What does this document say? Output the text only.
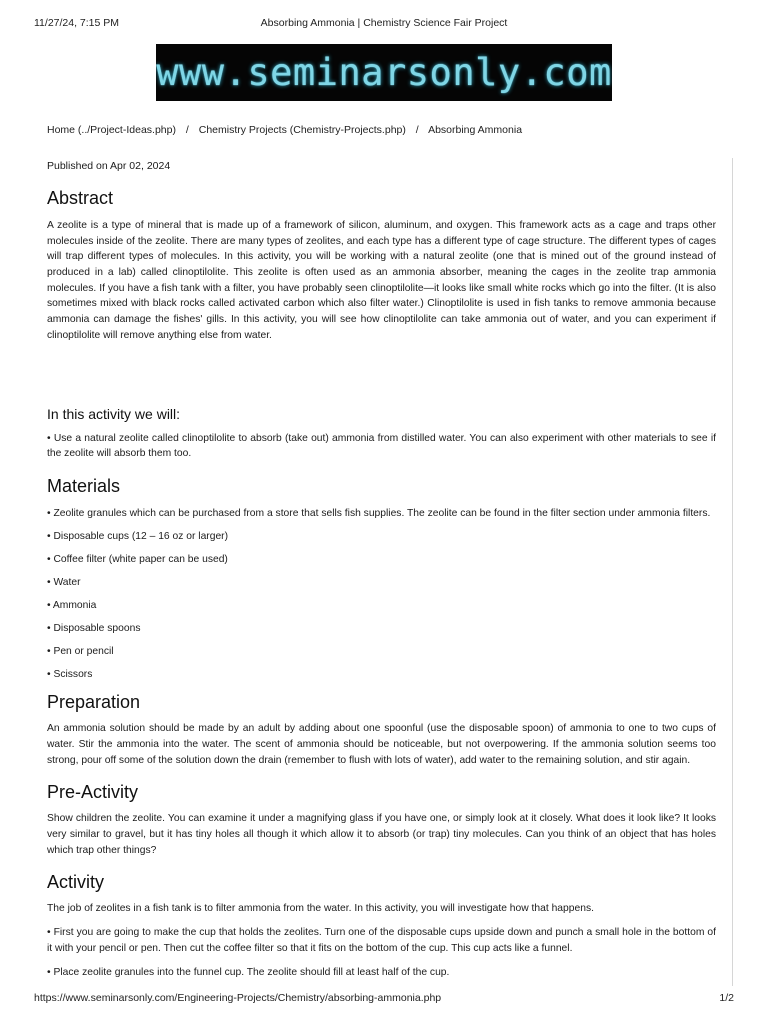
11/27/24, 7:15 PM	Absorbing Ammonia | Chemistry Science Fair Project
www.seminarsonly.com
Home (../Project-Ideas.php) / Chemistry Projects (Chemistry-Projects.php) / Absorbing Ammonia
Published on Apr 02, 2024
Abstract

A zeolite is a type of mineral that is made up of a framework of silicon, aluminum, and oxygen. This framework acts as a cage and traps other molecules inside of the zeolite. There are many types of zeolites, and each type has a different type of cage structure. The different types of cages will trap different types of molecules. In this activity, you will be working with a natural zeolite (one that is mined out of the ground instead of produced in a lab) called clinoptilolite. This zeolite is often used as an ammonia absorber, meaning the cages in the zeolite trap ammonia molecules. If you have a fish tank with a filter, you have probably seen clinoptilolite—it looks like small white rocks which go into the filter. (It is also sometimes mixed with black rocks called activated carbon which also filter water.) Clinoptilolite is used in fish tanks to remove ammonia because ammonia can damage the fishes' gills. In this activity, you will see how clinoptilolite can take ammonia out of water, and you can experiment if clinoptilolite will remove anything else from water.

In this activity we will:

• Use a natural zeolite called clinoptilolite to absorb (take out) ammonia from distilled water. You can also experiment with other materials to see if the zeolite will absorb them too.

Materials

• Zeolite granules which can be purchased from a store that sells fish supplies. The zeolite can be found in the filter section under ammonia filters.

• Disposable cups (12 – 16 oz or larger)

• Coffee filter (white paper can be used)

• Water

• Ammonia

• Disposable spoons

• Pen or pencil

• Scissors

Preparation

An ammonia solution should be made by an adult by adding about one spoonful (use the disposable spoon) of ammonia to one to two cups of water. Stir the ammonia into the water. The scent of ammonia should be noticeable, but not overpowering. If the ammonia solution seems too strong, pour off some of the solution down the drain (remember to flush with lots of water), add water to the remaining solution, and stir again.

Pre-Activity

Show children the zeolite. You can examine it under a magnifying glass if you have one, or simply look at it closely. What does it look like? It looks very similar to gravel, but it has tiny holes all though it which allow it to absorb (or trap) tiny molecules. Can you think of an object that has holes which trap other things?

Activity

The job of zeolites in a fish tank is to filter ammonia from the water. In this activity, you will investigate how that happens.

• First you are going to make the cup that holds the zeolites. Turn one of the disposable cups upside down and punch a small hole in the bottom of it with your pencil or pen. Then cut the coffee filter so that it fits on the bottom of the cup. This cup acts like a funnel.

• Place zeolite granules into the funnel cup. The zeolite should fill at least half of the cup.

https://www.seminarsonly.com/Engineering-Projects/Chemistry/absorbing-ammonia.php	1/2
